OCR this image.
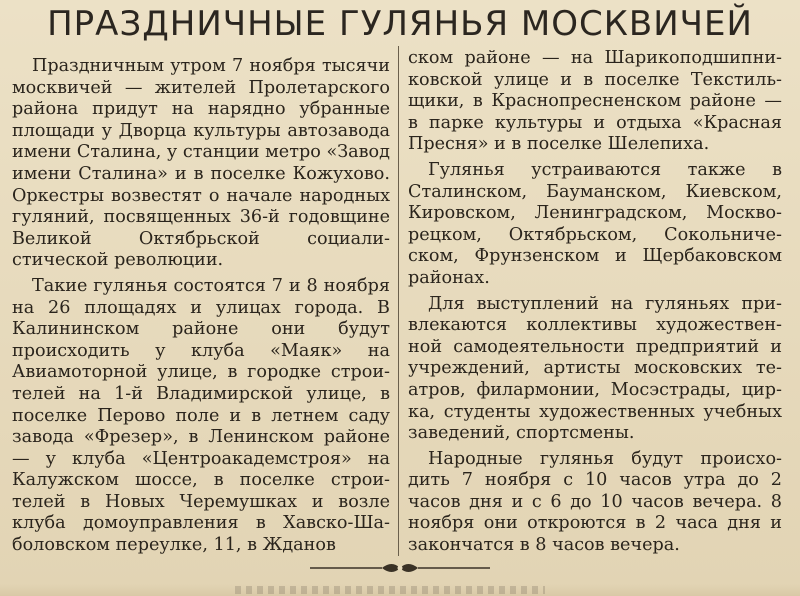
ПРАЗДНИЧНЫЕ ГУЛЯНЬЯ МОСКВИЧЕЙ

Праздничным утром 7 ноября тысячи москвичей — жителей Пролетарского района придут на нарядно убранные площади у Дворца культуры автозавода имени Сталина, у станции метро «Завод имени Сталина» и в поселке Кожухово. Оркестры возвестят о начале народных гуляний, посвященных 36-й годовщине Великой Октябрьской социалистической революции.

Такие гулянья состоятся 7 и 8 ноября на 26 площадях и улицах города. В Калининском районе они будут происходить у клуба «Маяк» на Авиамоторной улице, в городке строителей на 1-й Владимирской улице, в поселке Перово поле и в летнем саду завода «Фрезер», в Ленинском районе — у клуба «Центроакадемстроя» на Калужском шоссе, в поселке строителей в Новых Черемушках и возле клуба домоуправления в Хавско-Шаболовском переулке, 11, в Жданов

ском районе — на Шарикоподшипниковской улице и в поселке Текстильщики, в Краснопресненском районе — в парке культуры и отдыха «Красная Пресня» и в поселке Шелепиха.

Гулянья устраиваются также в Сталинском, Бауманском, Киевском, Кировском, Ленинградском, Москворецком, Октябрьском, Сокольническом, Фрунзенском и Щербаковском районах.

Для выступлений на гуляньях привлекаются коллективы художественной самодеятельности предприятий и учреждений, артисты московских театров, филармонии, Мосэстрады, цирка, студенты художественных учебных заведений, спортсмены.

Народные гулянья будут происходить 7 ноября с 10 часов утра до 2 часов дня и с 6 до 10 часов вечера. 8 ноября они откроются в 2 часа дня и закончатся в 8 часов вечера.
